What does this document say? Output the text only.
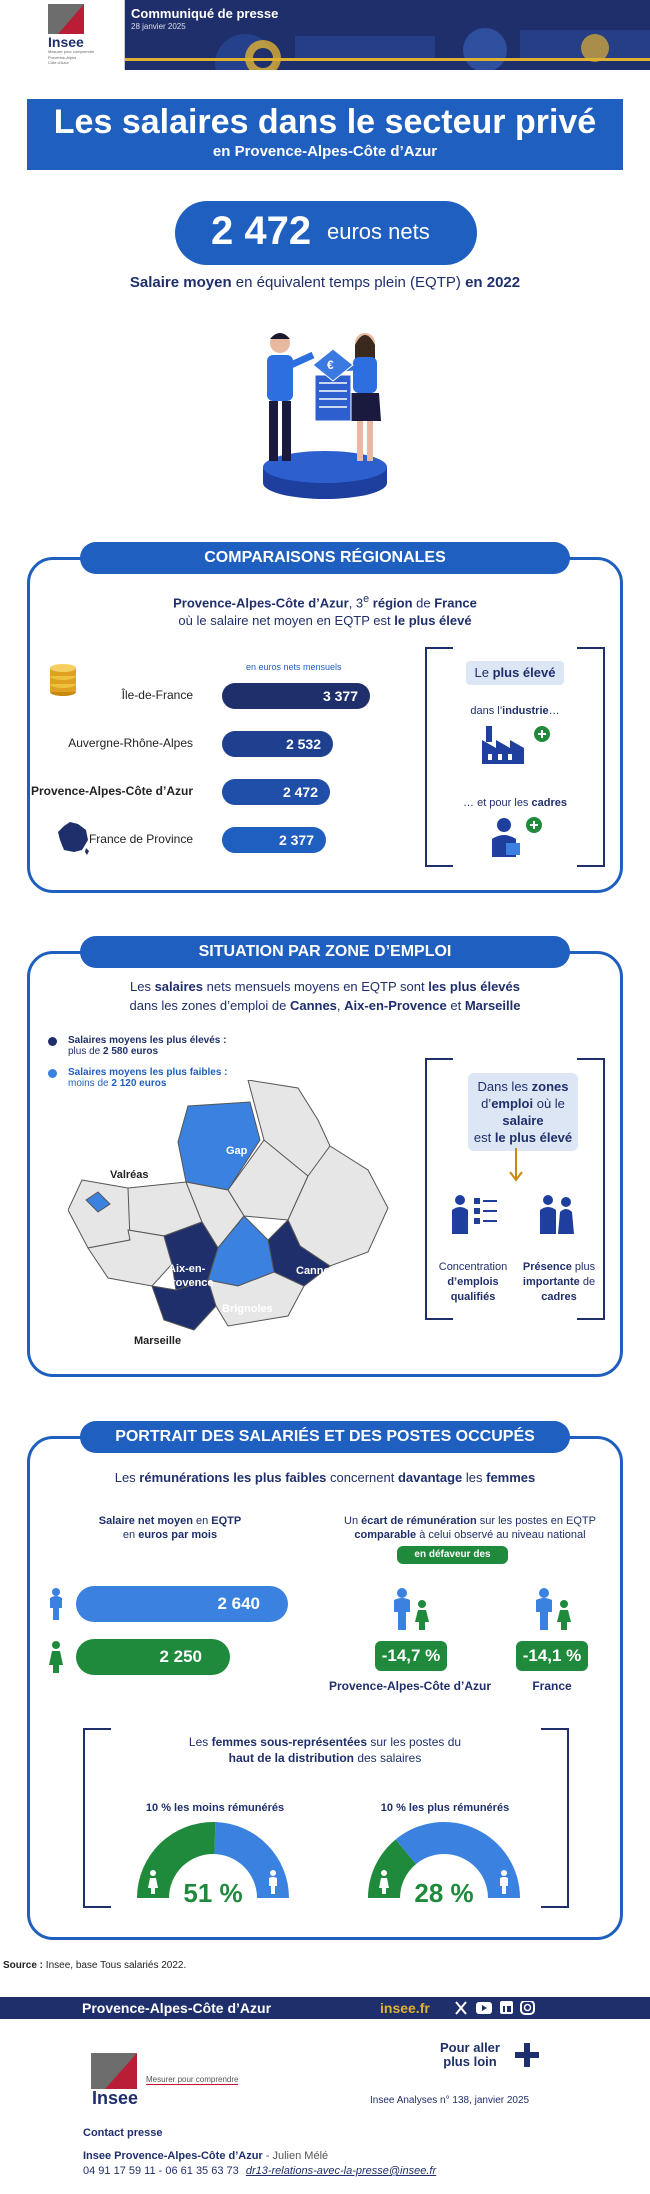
Insee
Mesurer pour comprendre
Provence-Alpes
Côte d'Azur
Communiqué de presse
28 janvier 2025
Les salaires dans le secteur privé
en Provence-Alpes-Côte d’Azur
2 472 euros nets
Salaire moyen en équivalent temps plein (EQTP) en 2022
€
COMPARAISONS RÉGIONALES
Provence-Alpes-Côte d’Azur, 3e région de France
où le salaire net moyen en EQTP est le plus élevé
en euros nets mensuels	Le plus élevé
dans l’industrie…
… et pour les cadres
SITUATION PAR ZONE D’EMPLOI
Les salaires nets mensuels moyens en EQTP sont les plus élevés
dans les zones d’emploi de Cannes, Aix-en-Provence et Marseille
Salaires moyens les plus élevés :
plus de 2 580 euros
Salaires moyens les plus faibles :
moins de 2 120 euros
Gap
Valréas
Aix-en-
Provence
Cannes
Brignoles
Marseille
Dans les zones
d’emploi où le salaire
est le plus élevé
Concentration
d’emplois
qualifiés
Présence plus
importante de
cadres
PORTRAIT DES SALARIÉS ET DES POSTES OCCUPÉS
Les rémunérations les plus faibles concernent davantage les femmes
Salaire net moyen en EQTP
en euros par mois
2 640
2 250
Un écart de rémunération sur les postes en EQTP
comparable à celui observé au niveau national
en défaveur des femmes
-14,7 %	-14,1 %
Provence-Alpes-Côte d’Azur	France
Les femmes sous-représentées sur les postes du
haut de la distribution des salaires
10 % les moins rémunérés	10 % les plus rémunérés
51 %	28 %
Source : Insee, base Tous salariés 2022.
Provence-Alpes-Côte d’Azur	insee.fr
Pour aller
plus loin
Insee
Mesurer pour comprendre
Insee Analyses n° 138, janvier 2025
Contact presse
Insee Provence-Alpes-Côte d’Azur - Julien Mélé
04 91 17 59 11 - 06 61 35 63 73 dr13-relations-avec-la-presse@insee.fr
Île-de-France	3 377
Auvergne-Rhône-Alpes	2 532
Provence-Alpes-Côte d’Azur	2 472
France de Province	2 377
